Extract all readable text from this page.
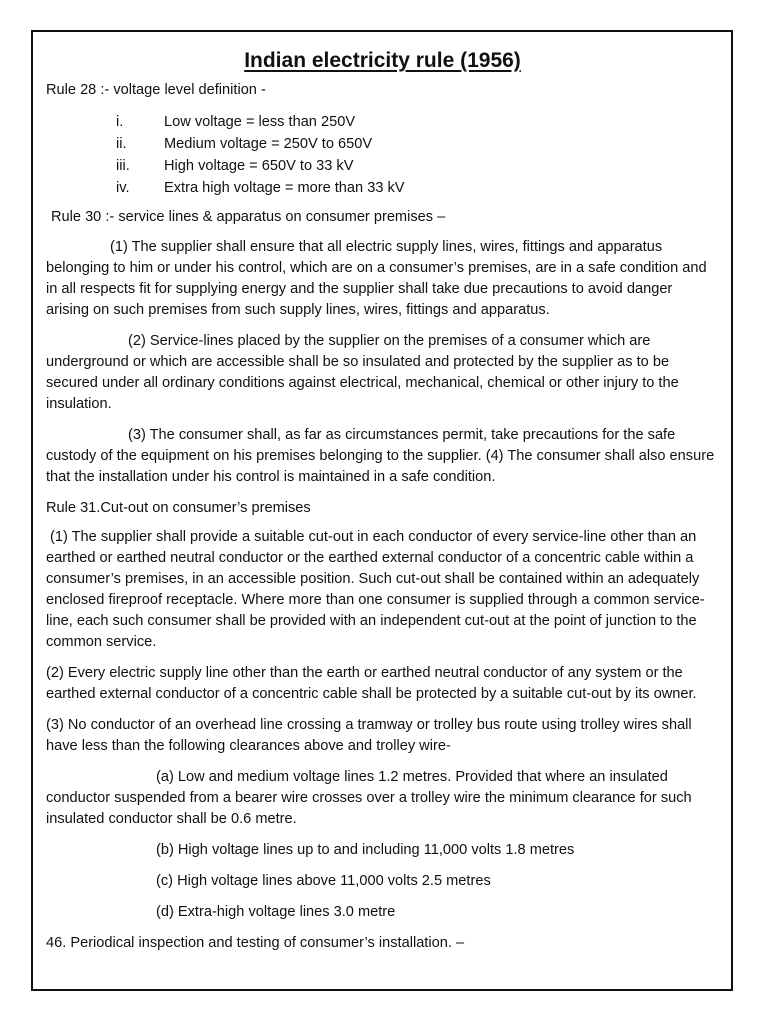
Indian electricity rule (1956)

Rule 28 :- voltage level definition -

i.	Low voltage = less than 250V
ii.	Medium voltage = 250V to 650V
iii.	High voltage = 650V to 33 kV
iv.	Extra high voltage = more than 33 kV

Rule 30 :- service lines & apparatus on consumer premises –

(1) The supplier shall ensure that all electric supply lines, wires, fittings and apparatus belonging to him or under his control, which are on a consumer’s premises, are in a safe condition and in all respects fit for supplying energy and the supplier shall take due precautions to avoid danger arising on such premises from such supply lines, wires, fittings and apparatus.

(2) Service-lines placed by the supplier on the premises of a consumer which are underground or which are accessible shall be so insulated and protected by the supplier as to be secured under all ordinary conditions against electrical, mechanical, chemical or other injury to the insulation.

(3) The consumer shall, as far as circumstances permit, take precautions for the safe custody of the equipment on his premises belonging to the supplier. (4) The consumer shall also ensure that the installation under his control is maintained in a safe condition.

Rule 31.Cut-out on consumer’s premises

(1) The supplier shall provide a suitable cut-out in each conductor of every service-line other than an earthed or earthed neutral conductor or the earthed external conductor of a concentric cable within a consumer’s premises, in an accessible position. Such cut-out shall be contained within an adequately enclosed fireproof receptacle. Where more than one consumer is supplied through a common service-line, each such consumer shall be provided with an independent cut-out at the point of junction to the common service.

(2) Every electric supply line other than the earth or earthed neutral conductor of any system or the earthed external conductor of a concentric cable shall be protected by a suitable cut-out by its owner.

(3) No conductor of an overhead line crossing a tramway or trolley bus route using trolley wires shall have less than the following clearances above and trolley wire-

(a) Low and medium voltage lines 1.2 metres. Provided that where an insulated conductor suspended from a bearer wire crosses over a trolley wire the minimum clearance for such insulated conductor shall be 0.6 metre.

(b) High voltage lines up to and including 11,000 volts 1.8 metres

(c) High voltage lines above 11,000 volts 2.5 metres

(d) Extra-high voltage lines 3.0 metre

46. Periodical inspection and testing of consumer’s installation. –
